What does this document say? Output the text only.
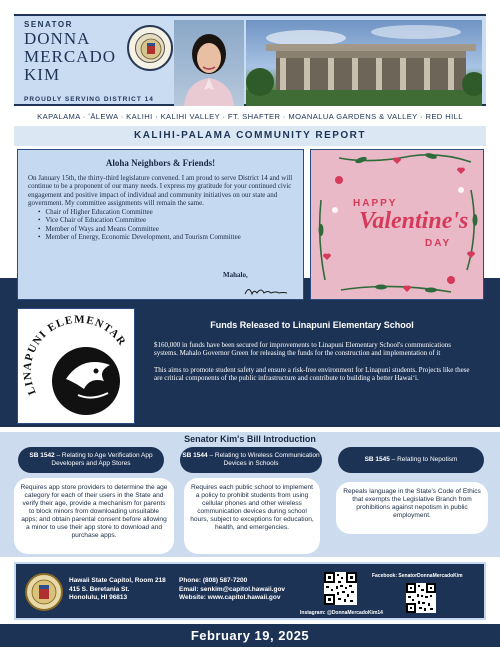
SENATOR
DONNA
MERCADO
KIM
PROUDLY SERVING DISTRICT 14
KAPALAMA · ʻĀLEWA · KALIHI · KALIHI VALLEY · FT. SHAFTER · MOANALUA GARDENS & VALLEY · RED HILL
KALIHI-PALAMA COMMUNITY REPORT
Aloha Neighbors & Friends!
On January 15th, the thirty-third legislature convened. I am proud to serve District 14 and will continue to be a proponent of our many needs. I express my gratitude for your continued civic engagement and positive impact of individual and community initiatives on our state and government. My committee assignments will remain the same.
• Chair of Higher Education Committee
• Vice Chair of Education Committee
• Member of Ways and Means Committee
• Member of Energy, Economic Development, and Tourism Committee
Mahalo,
HAPPY
Valentine's
DAY
LINAPUNI ELEMENTAR
Funds Released to Linapuni Elementary School
$160,000 in funds have been secured for improvements to Linapuni Elementary School's communications systems. Mahalo Governor Green for releasing the funds for the construction and implementation of it
This aims to promote student safety and ensure a risk-free environment for Linapuni students. Projects like these are critical components of the public infrastructure and contribute to building a better Hawaiʻi.
Senator Kim's Bill Introduction
SB 1542 – Relating to Age Verification App Developers and App Stores
Requires app store providers to determine the age category for each of their users in the State and verify their age, provide a mechanism for parents to block minors from downloading unsuitable apps; and obtain parental consent before allowing a minor to use their app store to download and purchase apps.
SB 1544 – Relating to Wireless Communication Devices in Schools
Requires each public school to implement a policy to prohibit students from using cellular phones and other wireless communication devices during school hours, subject to exceptions for education, health, and emergencies.
SB 1545 – Relating to Nepotism
Repeals language in the State's Code of Ethics that exempts the Legislative Branch from prohibitions against nepotism in public employment.
Hawaii State Capitol, Room 218
415 S. Beretania St.
Honolulu, HI 96813
Phone: (808) 587-7200
Email: senkim@capitol.hawaii.gov
Website: www.capitol.hawaii.gov
Instagram: @DonnaMercadoKim14
Facebook: SenatorDonnaMercadoKim
February 19, 2025
